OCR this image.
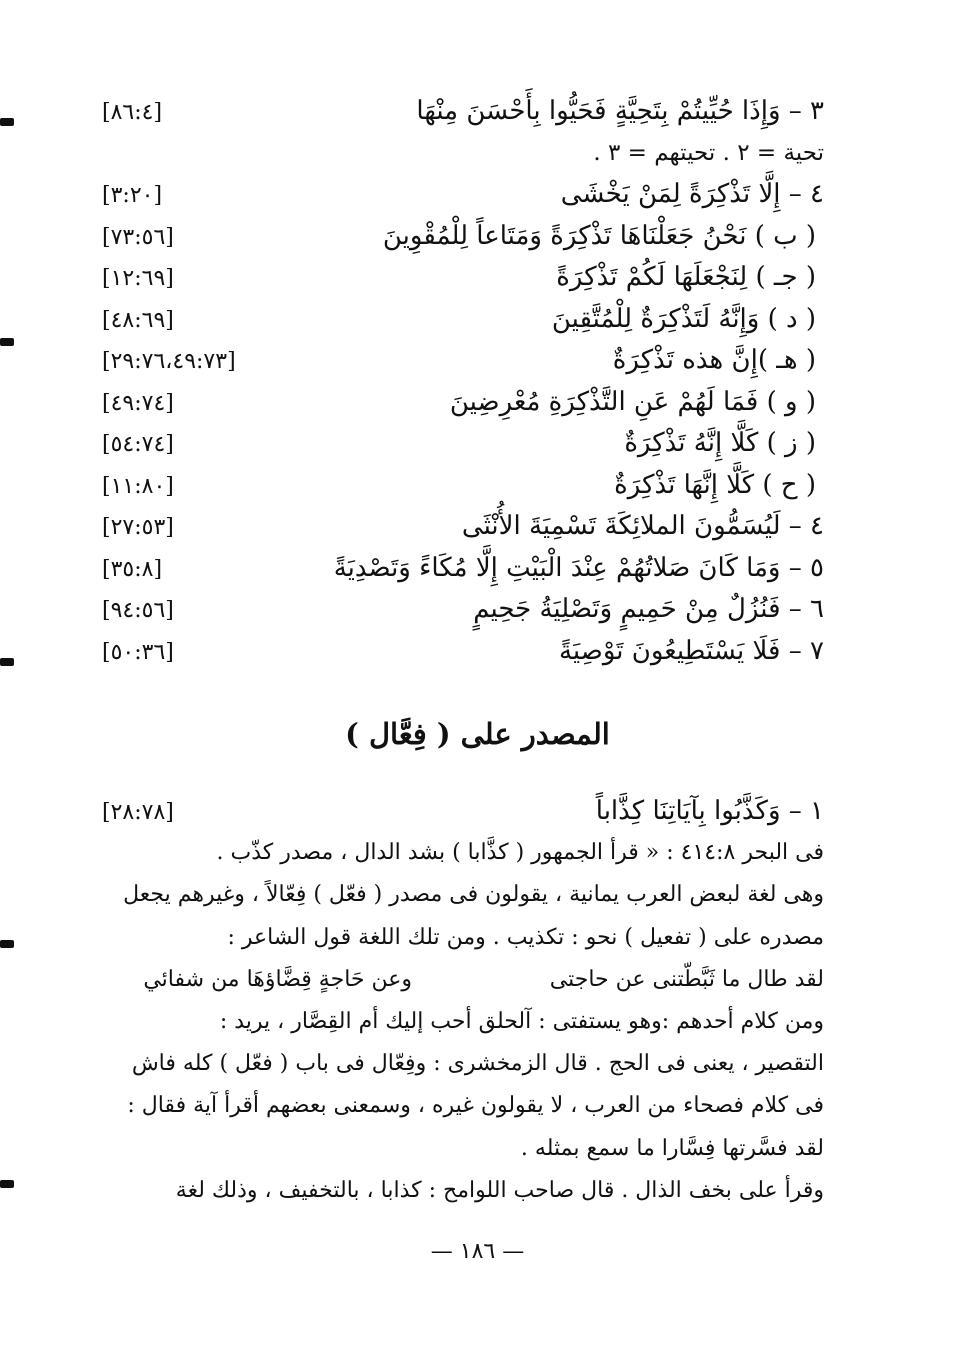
٣ – وَإِذَا حُيِّيتُمْ بِتَحِيَّةٍ فَحَيُّوا بِأَحْسَنَ مِنْهَا
[٨٦:٤]
تحية = ٢ . تحيتهم = ٣ .
٤ – إِلَّا تَذْكِرَةً لِمَنْ يَخْشَى
[٣:٢٠]
( ب ) نَحْنُ جَعَلْنَاهَا تَذْكِرَةً وَمَتَاعاً لِلْمُقْوِينَ
[٧٣:٥٦]
( جـ ) لِنَجْعَلَهَا لَكُمْ تَذْكِرَةً
[١٢:٦٩]
( د ) وَإِنَّهُ لَتَذْكِرَةٌ لِلْمُتَّقِينَ
[٤٨:٦٩]
( هـ )إِنَّ هذه تَذْكِرَةٌ
[٢٩:٧٦،٤٩:٧٣]
( و ) فَمَا لَهُمْ عَنِ التَّذْكِرَةِ مُعْرِضِينَ
[٤٩:٧٤]
( ز ) كَلَّا إِنَّهُ تَذْكِرَةٌ
[٥٤:٧٤]
( ح ) كَلَّا إِنَّهَا تَذْكِرَةٌ
[١١:٨٠]
٤ – لَيُسَمُّونَ الملائِكَةَ تَسْمِيَةَ الأُنْثَى
[٢٧:٥٣]
٥ – وَمَا كَانَ صَلاتُهُمْ عِنْدَ الْبَيْتِ إِلَّا مُكَاءً وَتَصْدِيَةً
[٣٥:٨]
٦ – فَنُزُلٌ مِنْ حَمِيمٍ وَتَصْلِيَةُ جَحِيمٍ
[٩٤:٥٦]
٧ – فَلَا يَسْتَطِيعُونَ تَوْصِيَةً
[٥٠:٣٦]
المصدر على ( فِعَّال )
١ – وَكَذَّبُوا بِآيَاتِنَا كِذَّاباً
[٢٨:٧٨]
فى البحر ٤١٤:٨ : « قرأ الجمهور ( كذَّابا ) بشد الدال ، مصدر كذّب .
وهى لغة لبعض العرب يمانية ، يقولون فى مصدر ( فعّل ) فِعّالاً ، وغيرهم يجعل
مصدره على ( تفعيل ) نحو : تكذيب . ومن تلك اللغة قول الشاعر :
لقد طال ما ثَبَّطّتنى عن حاجتى
وعن حَاجةٍ قِضَّاؤهَا من شفائي
ومن كلام أحدهم :وهو يستفتى : آلحلق أحب إليك أم القِصَّار ، يريد :
التقصير ، يعنى فى الحج . قال الزمخشرى : وفِعّال فى باب ( فعّل ) كله فاش
فى كلام فصحاء من العرب ، لا يقولون غيره ، وسمعنى بعضهم أقرأ آية فقال :
لقد فسَّرتها فِسَّارا ما سمع بمثله .
وقرأ على بخف الذال . قال صاحب اللوامح : كذابا ، بالتخفيف ، وذلك لغة
— ١٨٦ —
